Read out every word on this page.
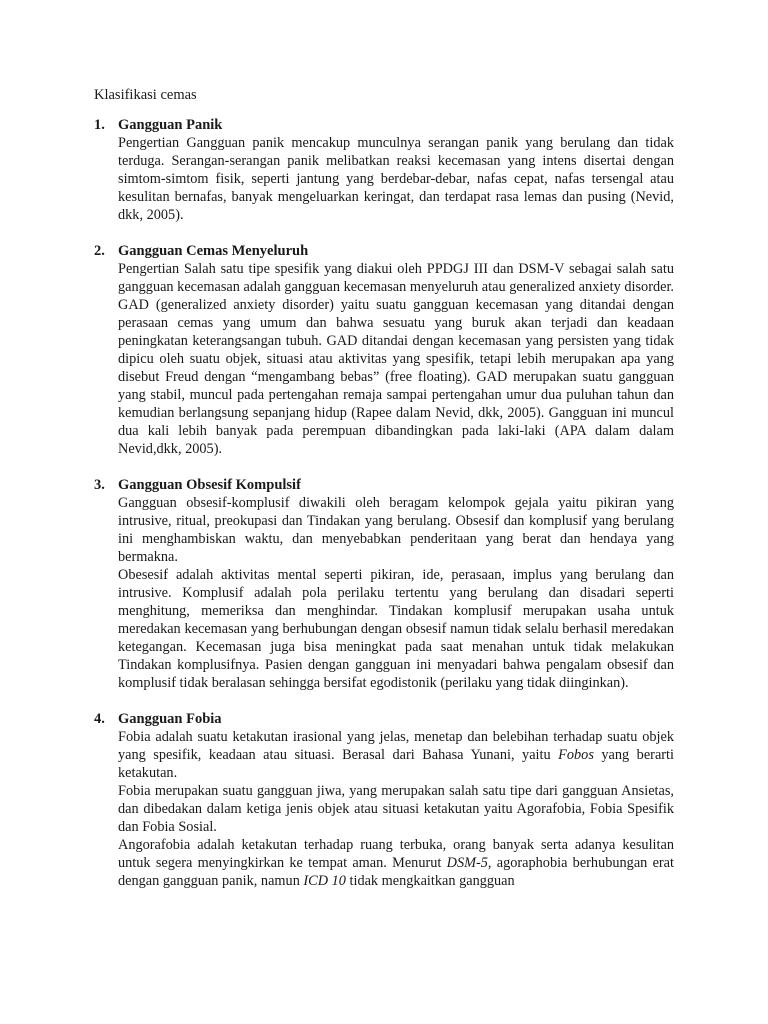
Klasifikasi cemas
1. Gangguan Panik

Pengertian Gangguan panik mencakup munculnya serangan panik yang berulang dan tidak terduga. Serangan-serangan panik melibatkan reaksi kecemasan yang intens disertai dengan simtom-simtom fisik, seperti jantung yang berdebar-debar, nafas cepat, nafas tersengal atau kesulitan bernafas, banyak mengeluarkan keringat, dan terdapat rasa lemas dan pusing (Nevid, dkk, 2005).

2. Gangguan Cemas Menyeluruh

Pengertian Salah satu tipe spesifik yang diakui oleh PPDGJ III dan DSM-V sebagai salah satu gangguan kecemasan adalah gangguan kecemasan menyeluruh atau generalized anxiety disorder. GAD (generalized anxiety disorder) yaitu suatu gangguan kecemasan yang ditandai dengan perasaan cemas yang umum dan bahwa sesuatu yang buruk akan terjadi dan keadaan peningkatan keterangsangan tubuh. GAD ditandai dengan kecemasan yang persisten yang tidak dipicu oleh suatu objek, situasi atau aktivitas yang spesifik, tetapi lebih merupakan apa yang disebut Freud dengan “mengambang bebas” (free floating). GAD merupakan suatu gangguan yang stabil, muncul pada pertengahan remaja sampai pertengahan umur dua puluhan tahun dan kemudian berlangsung sepanjang hidup (Rapee dalam Nevid, dkk, 2005). Gangguan ini muncul dua kali lebih banyak pada perempuan dibandingkan pada laki-laki (APA dalam dalam Nevid,dkk, 2005).

3. Gangguan Obsesif Kompulsif

Gangguan obsesif-komplusif diwakili oleh beragam kelompok gejala yaitu pikiran yang intrusive, ritual, preokupasi dan Tindakan yang berulang. Obsesif dan komplusif yang berulang ini menghambiskan waktu, dan menyebabkan penderitaan yang berat dan hendaya yang bermakna.

Obesesif adalah aktivitas mental seperti pikiran, ide, perasaan, implus yang berulang dan intrusive. Komplusif adalah pola perilaku tertentu yang berulang dan disadari seperti menghitung, memeriksa dan menghindar. Tindakan komplusif merupakan usaha untuk meredakan kecemasan yang berhubungan dengan obsesif namun tidak selalu berhasil meredakan ketegangan. Kecemasan juga bisa meningkat pada saat menahan untuk tidak melakukan Tindakan komplusifnya. Pasien dengan gangguan ini menyadari bahwa pengalam obsesif dan komplusif tidak beralasan sehingga bersifat egodistonik (perilaku yang tidak diinginkan).

4. Gangguan Fobia

Fobia adalah suatu ketakutan irasional yang jelas, menetap dan belebihan terhadap suatu objek yang spesifik, keadaan atau situasi. Berasal dari Bahasa Yunani, yaitu Fobos yang berarti ketakutan.

Fobia merupakan suatu gangguan jiwa, yang merupakan salah satu tipe dari gangguan Ansietas, dan dibedakan dalam ketiga jenis objek atau situasi ketakutan yaitu Agorafobia, Fobia Spesifik dan Fobia Sosial.

Angorafobia adalah ketakutan terhadap ruang terbuka, orang banyak serta adanya kesulitan untuk segera menyingkirkan ke tempat aman. Menurut DSM-5, agoraphobia berhubungan erat dengan gangguan panik, namun ICD 10 tidak mengkaitkan gangguan
